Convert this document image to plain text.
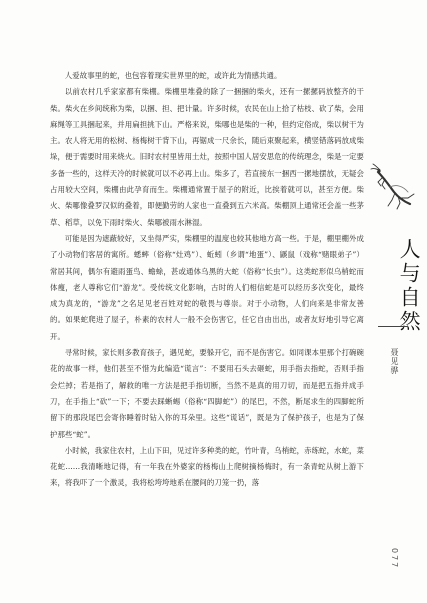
人爱故事里的蛇，也包容着现实世界里的蛇，或许此为情感共通。

以前农村几乎家家都有柴棚。柴棚里堆叠的除了一捆捆的柴火，还有一摞摞码放整齐的干柴。柴火在乡间统称为柴，以捆、担、把计量。许多时候，农民在山上拾了枯枝、砍了柴，会用麻绳等工具捆起来，并用扁担挑下山。严格来说，柴哪也是柴的一种，但约定俗成，柴以树干为主。农人将无用的松树、杨梅树干背下山，再锯成一尺余长，随后束聚起来，横竖错落码放成柴垛，便于需要时用来烧火。旧时农村里皆用土灶，按照中国人居安思危的传统理念，柴是一定要多备一些的，这样天冷的时候就可以不必再上山。柴多了，若直接东一捆西一摞地摆放，无疑会占用较大空间，柴棚由此孕育而生。柴棚通常置于屋子的附近，比挨着就可以，甚至方便。柴火、柴哪像叠罗汉似的叠着，即便勤劳的人家也一直叠到五六米高。柴棚顶上通常还会盖一些茅草、稻草，以免下雨时柴火、柴哪被雨水淋湿。

可能是因为遮蔽较好，又坐得严实，柴棚里的温度也较其他地方高一些。于是，棚里棚外成了小动物们客居的寓所。蟋蟀（俗称“灶鸡”）、蚯蚓（乡谓“地蛋”）、鼷鼠（戏称“赌眼弟子”）常居其间，偶尔有避雨蛋鸟、蟾蜍，甚或通体乌黑的大蛇（俗称“长虫”）。这类蛇形似乌梢蛇而体瘦，老人尊称它们“游龙”。受传统文化影响，古时的人们相信蛇是可以经历多次变化，最终成为真龙的，“游龙”之名足见老百姓对蛇的敬畏与尊崇。对于小动物，人们向来是非常友善的。如果蛇爬进了屋子，朴素的农村人一般不会伤害它，任它自由出出，或者友好地引导它离开。

寻常时候，家长则多教育孩子，遇见蛇，要躲开它，而不是伤害它。如同课本里那个打碗碗花的故事一样，他们甚至不惜为此编造“谎言”：不要用石头去砸蛇，用手指去指蛇，否则手指会烂掉；若是指了，解救的唯一方法是把手指切断，当然不是真的用刀切，而是把五指并成手刀，在手指上“砍”一下；不要去踩蜥蜴（俗称“四脚蛇”）的尾巴，不然，断尾求生的四脚蛇所留下的那段尾巴会寄你睡着时钻入你的耳朵里。这些“谎话”，既是为了保护孩子，也是为了保护那些“蛇”。

小时候，我家住农村，上山下田，见过许多种类的蛇，竹叶青，乌梢蛇，赤练蛇，水蛇，菜花蛇……我清晰地记得，有一年我在外婆家的杨梅山上爬树摘杨梅时，有一条青蛇从树上游下来，将我吓了一个激灵，我将松垮垮地系在腰间的刀笼一扔，落

人与自然
聂见骅
077
